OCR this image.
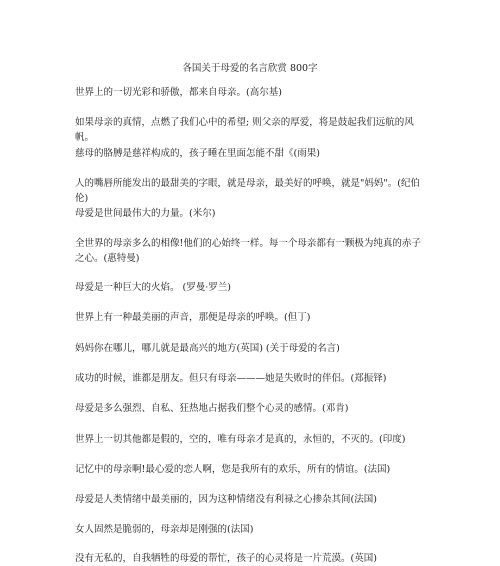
各国关于母爱的名言欣赏 800字
世界上的一切光彩和骄傲，都来自母亲。(高尔基)
如果母亲的真情，点燃了我们心中的希望; 则父亲的厚爱，将是鼓起我们远航的风帆。
慈母的胳膊是慈祥构成的，孩子睡在里面怎能不甜《(雨果)
人的嘴唇所能发出的最甜美的字眼，就是母亲，最美好的呼唤，就是"妈妈"。(纪伯伦)
母爱是世间最伟大的力量。(米尔)
全世界的母亲多么的相像!他们的心始终一样。每一个母亲都有一颗极为纯真的赤子之心。(惠特曼)
母爱是一种巨大的火焰。 (罗曼·罗兰)
世界上有一种最美丽的声音，那便是母亲的呼唤。(但丁)
妈妈你在哪儿，哪儿就是最高兴的地方(英国) (关于母爱的名言)
成功的时候，谁都是朋友。但只有母亲———她是失败时的伴侣。(郑振铎)
母爱是多么强烈、自私、狂热地占据我们整个心灵的感情。(邓肯)
世界上一切其他都是假的，空的，唯有母亲才是真的，永恒的，不灭的。(印度)
记忆中的母亲啊!最心爱的恋人啊，您是我所有的欢乐，所有的情谊。(法国)
母爱是人类情绪中最美丽的，因为这种情绪没有利禄之心掺杂其间(法国)
女人固然是脆弱的，母亲却是刚强的(法国)
没有无私的，自我牺牲的母爱的帮忙，孩子的心灵将是一片荒漠。(英国)
